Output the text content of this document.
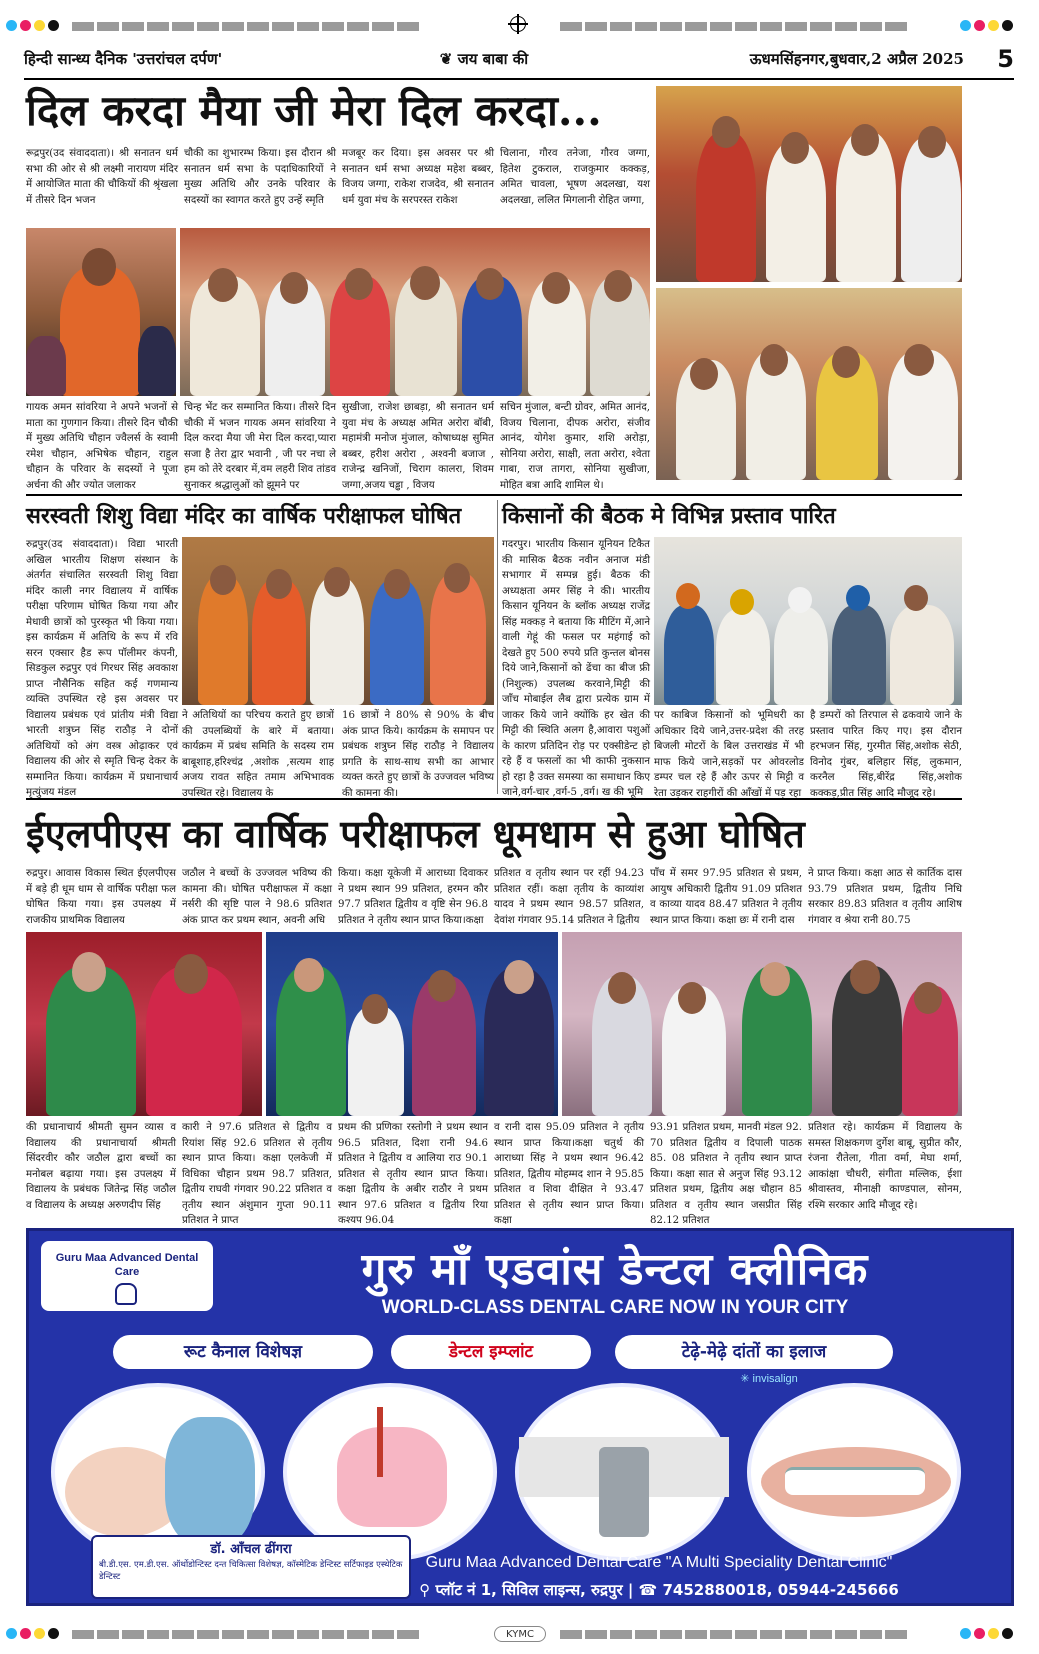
हिन्दी सान्ध्य दैनिक 'उत्तरांचल दर्पण'	❦ जय बाबा की	ऊधमसिंहनगर,बुधवार,2 अप्रैल 2025	5
दिल करदा मैया जी मेरा दिल करदा...
रूद्रपुर(उद संवाददाता)। श्री सनातन धर्म सभा की ओर से श्री लक्ष्मी नारायण मंदिर में आयोजित माता की चौकियों की श्रृंखला में तीसरे दिन भजन
चौकी का शुभारम्भ किया। इस दौरान श्री सनातन धर्म सभा के पदाधिकारियों ने मुख्य अतिथि और उनके परिवार के सदस्यों का स्वागत करते हुए उन्हें स्मृति
मजबूर कर दिया। इस अवसर पर श्री सनातन धर्म सभा अध्यक्ष महेश बब्बर, विजय जग्गा, राकेश राजदेव, श्री सनातन धर्म युवा मंच के सरपरस्त राकेश
चिलाना, गौरव तनेजा, गौरव जग्गा, हितेश टुकराल, राजकुमार कक्कड़, अमित चावला, भूषण अदलखा, यश अदलखा, ललित मिगलानी रोहित जग्गा,
गायक अमन सांवरिया ने अपने भजनों से माता का गुणगान किया। तीसरे दिन चौकी में मुख्य अतिथि चौहान ज्वैलर्स के स्वामी रमेश चौहान, अभिषेक चौहान, राहुल चौहान के परिवार के सदस्यों ने पूजा अर्चना की और ज्योत जलाकर
चिन्ह भेंट कर सम्मानित किया। तीसरे दिन चौकी में भजन गायक अमन सांवरिया ने दिल करदा मैया जी मेरा दिल करदा,प्यारा सजा है तेरा द्वार भवानी , जी पर नचा ले हम को तेरे दरबार में,वम लहरी शिव तांडव सुनाकर श्रद्धालुओं को झूमने पर
सुखीजा, राजेश छाबड़ा, श्री सनातन धर्म युवा मंच के अध्यक्ष अमित अरोरा बॉबी, महामंत्री मनोज मुंजाल, कोषाध्यक्ष सुमित बब्बर, हरीश अरोरा , अश्वनी बजाज , राजेन्द्र खनिजों, चिराग कालरा, शिवम जग्गा,अजय चड्ढा , विजय
सचिन मुंजाल, बन्टी ग्रोवर, अमित आनंद, विजय चिलाना, दीपक अरोरा, संजीव आनंद, योगेश कुमार, शशि अरोड़ा, सोनिया अरोरा, साक्षी, लता अरोरा, श्वेता गाबा, राज तागरा, सोनिया सुखीजा, मोहित बत्रा आदि शामिल थे।
सरस्वती शिशु विद्या मंदिर का वार्षिक परीक्षाफल घोषित
रुद्रपुर(उद संवाददाता)। विद्या भारती अखिल भारतीय शिक्षण संस्थान के अंतर्गत संचालित सरस्वती शिशु विद्या मंदिर काली नगर विद्यालय में वार्षिक परीक्षा परिणाम घोषित किया गया और मेधावी छात्रों को पुरस्कृत भी किया गया। इस कार्यक्रम में अतिथि के रूप में रवि सरन एक्सार हैड रूप पॉलीमर कंपनी, सिडकुल रुद्रपुर एवं गिरधर सिंह अवकाश प्राप्त नौसैनिक सहित कई गणमान्य व्यक्ति उपस्थित रहे इस अवसर पर विद्यालय प्रबंधक एवं प्रांतीय मंत्री विद्या भारती शत्रुघ्न सिंह राठौड़ ने दोनों अतिथियों को अंग वस्त्र ओढ़ाकर एवं विद्यालय की ओर से स्मृति चिन्ह देकर के सम्मानित किया। कार्यक्रम में प्रधानाचार्य मृत्युंजय मंडल
ने अतिथियों का परिचय कराते हुए छात्रों की उपलब्धियों के बारे में बताया। कार्यक्रम में प्रबंध समिति के सदस्य राम बाबूशाह,हरिश्चंद्र ,अशोक ,सत्यम शाह अजय रावत सहित तमाम अभिभावक उपस्थित रहे। विद्यालय के
16 छात्रों ने 80% से 90% के बीच अंक प्राप्त किये। कार्यक्रम के समापन पर प्रबंधक शत्रुघ्न सिंह राठौड़ ने विद्यालय प्रगति के साथ-साथ सभी का आभार व्यक्त करते हुए छात्रों के उज्जवल भविष्य की कामना की।
किसानों की बैठक मे विभिन्न प्रस्ताव पारित
गदरपुर। भारतीय किसान यूनियन टिकैत की मासिक बैठक नवीन अनाज मंडी सभागार में सम्पन्न हुई। बैठक की अध्यक्षता अमर सिंह ने की। भारतीय किसान यूनियन के ब्लॉक अध्यक्ष राजेंद्र सिंह मक्कड़ ने बताया कि मीटिंग में,आने वाली गेहूं की फसल पर महंगाई को देखते हुए 500 रुपये प्रति कुन्तल बोनस दिये जाने,किसानों को ढेंचा का बीज फ्री (निशुल्क) उपलब्ध करवाने,मिट्टी की जाँच मोबाईल लैब द्वारा प्रत्येक ग्राम में जाकर किये जाने क्योंकि हर खेत की मिट्टी की स्थिति अलग है,आवारा पशुओं के कारण प्रतिदिन रोड़ पर एक्सीडेन्ट हो रहे हैं व फसलों का भी काफी नुकसान हो रहा है उक्त समस्या का समाधान किए जाने,वर्ग-चार ,वर्ग-5 ,वर्ग। ख की भूमि
पर काबिज किसानों को भूमिधरी का अधिकार दिये जाने,उत्तर-प्रदेश की तरह बिजली मोटरों के बिल उत्तराखंड में भी माफ किये जाने,सड़कों पर ओवरलोड डम्पर चल रहे हैं और ऊपर से मिट्टी व रेता उड़कर राहगीरों की आँखों में पड़ रहा
है डम्परों को तिरपाल से ढकवाये जाने के प्रस्ताव पारित किए गए। इस दौरान हरभजन सिंह, गुरमीत सिंह,अशोक सेठी, विनोद गुंबर, बलिहार सिंह, लुकमान, करनैल सिंह,बीरेंद्र सिंह,अशोक कक्कड़,प्रीत सिंह आदि मौजूद रहे।
ईएलपीएस का वार्षिक परीक्षाफल धूमधाम से हुआ घोषित
रुद्रपुर। आवास विकास स्थित ईएलपीएस में बड़े ही धूम धाम से वार्षिक परीक्षा फल घोषित किया गया। इस उपलक्ष्य में राजकीय प्राथमिक विद्यालय
जठौल ने बच्चों के उज्जवल भविष्य की कामना की। घोषित परीक्षाफल में कक्षा नर्सरी की सृष्टि पाल ने 98.6 प्रतिशत अंक प्राप्त कर प्रथम स्थान, अवनी अधि
किया। कक्षा यूकेजी में आराध्या दिवाकर ने प्रथम स्थान 99 प्रतिशत, हरमन कौर 97.7 प्रतिशत द्वितीय व वृष्टि सेन 96.8 प्रतिशत ने तृतीय स्थान प्राप्त किया।कक्षा
प्रतिशत व तृतीय स्थान पर रहीं 94.23 प्रतिशत रहीं। कक्षा तृतीय के काव्यांश यादव ने प्रथम स्थान 98.57 प्रतिशत, देवांश गंगवार 95.14 प्रतिशत ने द्वितीय
पाँच में समर 97.95 प्रतिशत से प्रथम, आयुष अधिकारी द्वितीय 91.09 प्रतिशत व काव्या यादव 88.47 प्रतिशत ने तृतीय स्थान प्राप्त किया। कक्षा छः में रानी दास
ने प्राप्त किया। कक्षा आठ से कार्तिक दास 93.79 प्रतिशत प्रथम, द्वितीय निधि सरकार 89.83 प्रतिशत व तृतीय आशिष गंगवार व श्रेया रानी 80.75
की प्रधानाचार्य श्रीमती सुमन व्यास व विद्यालय की प्रधानाचार्या श्रीमती सिंदरवीर कौर जठौल द्वारा बच्चों का मनोबल बढ़ाया गया। इस उपलक्ष्य में विद्यालय के प्रबंधक जितेन्द्र सिंह जठौल व विद्यालय के अध्यक्ष अरुणदीप सिंह
कारी ने 97.6 प्रतिशत से द्वितीय व रियांश सिंह 92.6 प्रतिशत से तृतीय स्थान प्राप्त किया। कक्षा एलकेजी में विधिका चौहान प्रथम 98.7 प्रतिशत, द्वितीय राघवी गंगवार 90.22 प्रतिशत व तृतीय स्थान अंशुमान गुप्ता 90.11 प्रतिशत ने प्राप्त
प्रथम की प्रणिका रस्तोगी ने प्रथम स्थान 96.5 प्रतिशत, दिशा रानी 94.6 प्रतिशत ने द्वितीय व आलिया राउ 90.1 प्रतिशत से तृतीय स्थान प्राप्त किया। कक्षा द्वितीय के अबीर राठौर ने प्रथम स्थान 97.6 प्रतिशत व द्वितीय रिया कश्यप 96.04
व रानी दास 95.09 प्रतिशत ने तृतीय स्थान प्राप्त किया।कक्षा चतुर्थ की आराध्या सिंह ने प्रथम स्थान 96.42 प्रतिशत, द्वितीय मोहम्मद शान ने 95.85 प्रतिशत व शिवा दीक्षित ने 93.47 प्रतिशत से तृतीय स्थान प्राप्त किया। कक्षा
93.91 प्रतिशत प्रथम, मानवी मंडल 92. 70 प्रतिशत द्वितीय व दिपाली पाठक 85. 08 प्रतिशत ने तृतीय स्थान प्राप्त किया। कक्षा सात से अनुज सिंह 93.12 प्रतिशत प्रथम, द्वितीय अक्ष चौहान 85 प्रतिशत व तृतीय स्थान जसप्रीत सिंह 82.12 प्रतिशत
प्रतिशत रहे। कार्यक्रम में विद्यालय के समस्त शिक्षकगण दुर्गेश बाबू, सुप्रीत कौर, रंजना रौतेला, गीता वर्मा, मेघा शर्मा, आकांक्षा चौधरी, संगीता मल्लिक, ईशा श्रीवास्तव, मीनाक्षी काण्डपाल, सोनम, रश्मि सरकार आदि मौजूद रहे।
Guru Maa Advanced Dental Care	गुरु माँ एडवांस डेन्टल क्लीनिक
WORLD-CLASS DENTAL CARE NOW IN YOUR CITY
रूट कैनाल विशेषज्ञ	डेन्टल इम्प्लांट	टेढ़े-मेढ़े दांतों का इलाज
✳ invisalign
डॉ. आँचल ढींगरा
बी.डी.एस. एम.डी.एस. ऑर्थोडोन्टिस्ट दन्त चिकित्सा विशेषज्ञ, कॉस्मेटिक डेन्टिस्ट सर्टिफाइड एस्थेटिक डेन्टिस्ट
Guru Maa Advanced Dental Care "A Multi Speciality Dental Clinic"
⚲ प्लॉट नं 1, सिविल लाइन्स, रुद्रपुर | ☎ 7452880018, 05944-245666
KYMC
